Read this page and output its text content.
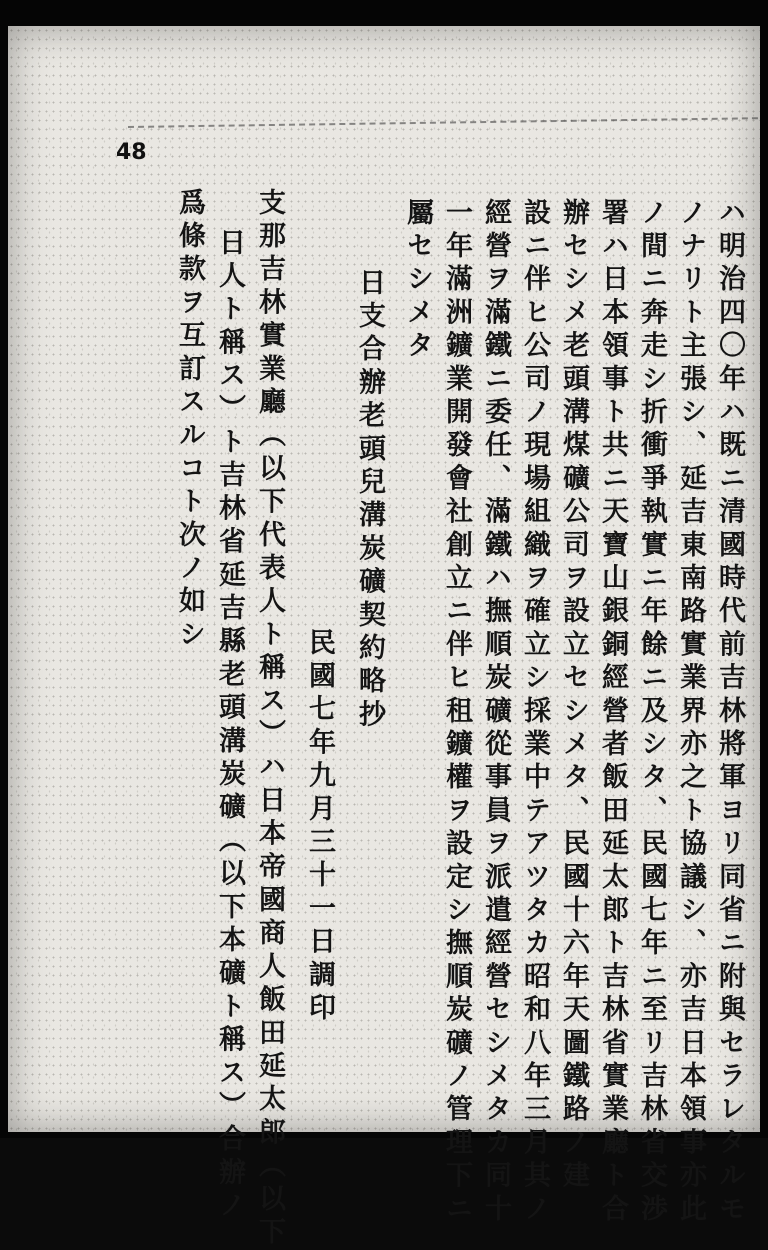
48
ハ明治四〇年ハ既ニ清國時代前吉林將軍ヨリ同省ニ附與セラレタルモ
ノナリト主張シ、延吉東南路實業界亦之ト協議シ、亦吉日本領事亦此
ノ間ニ奔走シ折衝爭執實ニ年餘ニ及シタ、民國七年ニ至リ吉林省交渉
署ハ日本領事ト共ニ天寶山銀銅經營者飯田延太郎ト吉林省實業廳ト合
辦セシメ老頭溝煤礦公司ヲ設立セシメタ、民國十六年天圖鐵路ノ建
設ニ伴ヒ公司ノ現場組織ヲ確立シ採業中テアツタカ昭和八年三月其ノ
經營ヲ滿鐵ニ委任、滿鐵ハ撫順炭礦從事員ヲ派遣經營セシメタカ同十
一年滿洲鑛業開發會社創立ニ伴ヒ租鑛權ヲ設定シ撫順炭礦ノ管理下ニ
屬セシメタ
日支合辦老頭兒溝炭礦契約略抄
民國七年九月三十一日調印
支那吉林實業廳（以下代表人ト稱ス）ハ日本帝國商人飯田延太郎（以下
日人ト稱ス）ト吉林省延吉縣老頭溝炭礦（以下本礦ト稱ス）合辦ノ
爲條款ヲ互訂スルコト次ノ如シ
